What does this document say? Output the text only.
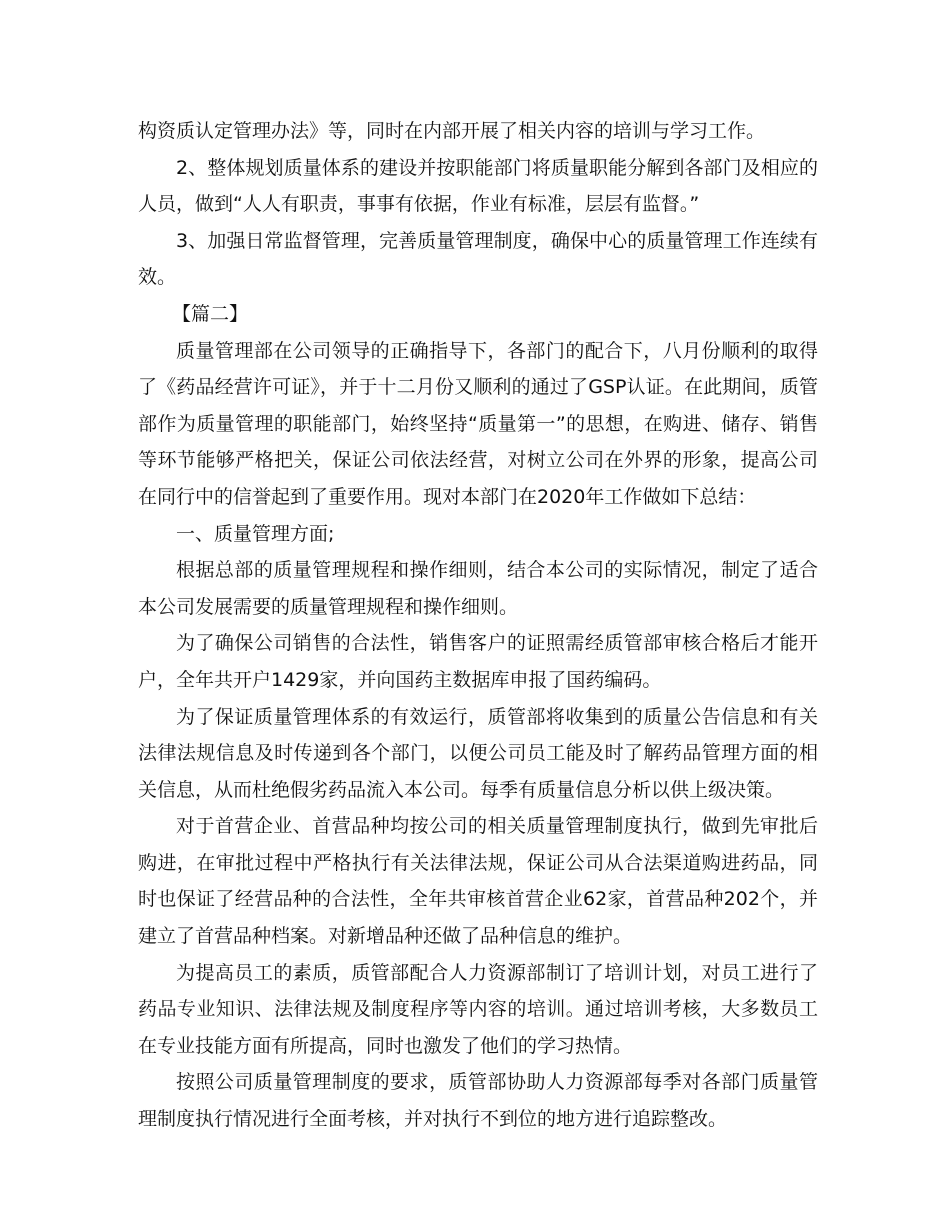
构资质认定管理办法》等，同时在内部开展了相关内容的培训与学习工作。

2、整体规划质量体系的建设并按职能部门将质量职能分解到各部门及相应的人员，做到“人人有职责，事事有依据，作业有标准，层层有监督。”

3、加强日常监督管理，完善质量管理制度，确保中心的质量管理工作连续有效。

【篇二】

质量管理部在公司领导的正确指导下，各部门的配合下，八月份顺利的取得了《药品经营许可证》，并于十二月份又顺利的通过了GSP认证。在此期间，质管部作为质量管理的职能部门，始终坚持“质量第一”的思想，在购进、储存、销售等环节能够严格把关，保证公司依法经营，对树立公司在外界的形象，提高公司在同行中的信誉起到了重要作用。现对本部门在2020年工作做如下总结：

一、质量管理方面;

根据总部的质量管理规程和操作细则，结合本公司的实际情况，制定了适合本公司发展需要的质量管理规程和操作细则。

为了确保公司销售的合法性，销售客户的证照需经质管部审核合格后才能开户，全年共开户1429家，并向国药主数据库申报了国药编码。

为了保证质量管理体系的有效运行，质管部将收集到的质量公告信息和有关法律法规信息及时传递到各个部门，以便公司员工能及时了解药品管理方面的相关信息，从而杜绝假劣药品流入本公司。每季有质量信息分析以供上级决策。

对于首营企业、首营品种均按公司的相关质量管理制度执行，做到先审批后购进，在审批过程中严格执行有关法律法规，保证公司从合法渠道购进药品，同时也保证了经营品种的合法性，全年共审核首营企业62家，首营品种202个，并建立了首营品种档案。对新增品种还做了品种信息的维护。

为提高员工的素质，质管部配合人力资源部制订了培训计划，对员工进行了药品专业知识、法律法规及制度程序等内容的培训。通过培训考核，大多数员工在专业技能方面有所提高，同时也激发了他们的学习热情。

按照公司质量管理制度的要求，质管部协助人力资源部每季对各部门质量管理制度执行情况进行全面考核，并对执行不到位的地方进行追踪整改。
